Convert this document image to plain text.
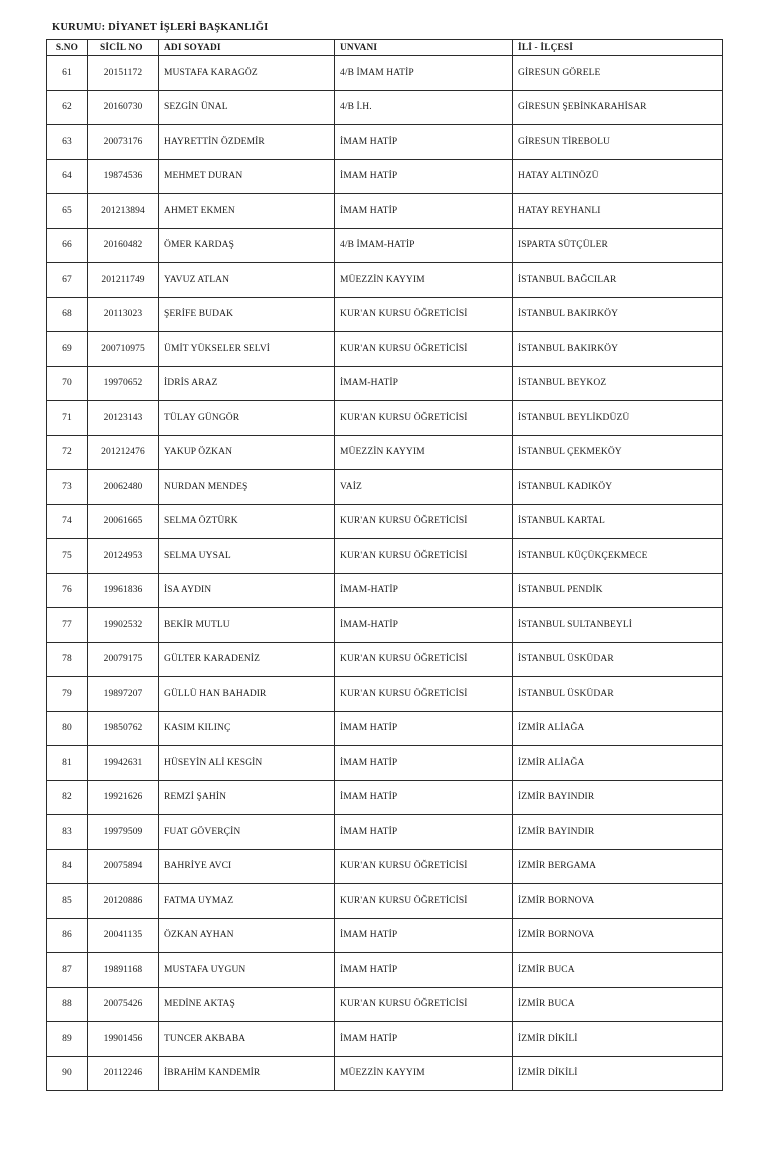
KURUMU: DİYANET İŞLERİ BAŞKANLIĞI
S.NO	SİCİL NO	ADI SOYADI	UNVANI	İLİ - İLÇESİ
61	20151172	MUSTAFA KARAGÖZ	4/B İMAM HATİP	GİRESUN GÖRELE
62	20160730	SEZGİN ÜNAL	4/B İ.H.	GİRESUN ŞEBİNKARAHİSAR
63	20073176	HAYRETTİN ÖZDEMİR	İMAM HATİP	GİRESUN TİREBOLU
64	19874536	MEHMET DURAN	İMAM HATİP	HATAY ALTINÖZÜ
65	201213894	AHMET EKMEN	İMAM HATİP	HATAY REYHANLI
66	20160482	ÖMER KARDAŞ	4/B İMAM-HATİP	ISPARTA SÜTÇÜLER
67	201211749	YAVUZ ATLAN	MÜEZZİN KAYYIM	İSTANBUL BAĞCILAR
68	20113023	ŞERİFE BUDAK	KUR'AN KURSU ÖĞRETİCİSİ	İSTANBUL BAKIRKÖY
69	200710975	ÜMİT YÜKSELER SELVİ	KUR'AN KURSU ÖĞRETİCİSİ	İSTANBUL BAKIRKÖY
70	19970652	İDRİS ARAZ	İMAM-HATİP	İSTANBUL BEYKOZ
71	20123143	TÜLAY GÜNGÖR	KUR'AN KURSU ÖĞRETİCİSİ	İSTANBUL BEYLİKDÜZÜ
72	201212476	YAKUP ÖZKAN	MÜEZZİN KAYYIM	İSTANBUL ÇEKMEKÖY
73	20062480	NURDAN MENDEŞ	VAİZ	İSTANBUL KADIKÖY
74	20061665	SELMA ÖZTÜRK	KUR'AN KURSU ÖĞRETİCİSİ	İSTANBUL KARTAL
75	20124953	SELMA UYSAL	KUR'AN KURSU ÖĞRETİCİSİ	İSTANBUL KÜÇÜKÇEKMECE
76	19961836	İSA AYDIN	İMAM-HATİP	İSTANBUL PENDİK
77	19902532	BEKİR MUTLU	İMAM-HATİP	İSTANBUL SULTANBEYLİ
78	20079175	GÜLTER KARADENİZ	KUR'AN KURSU ÖĞRETİCİSİ	İSTANBUL ÜSKÜDAR
79	19897207	GÜLLÜ HAN BAHADIR	KUR'AN KURSU ÖĞRETİCİSİ	İSTANBUL ÜSKÜDAR
80	19850762	KASIM KILINÇ	İMAM HATİP	İZMİR ALİAĞA
81	19942631	HÜSEYİN ALİ KESGİN	İMAM HATİP	İZMİR ALİAĞA
82	19921626	REMZİ ŞAHİN	İMAM HATİP	İZMİR BAYINDIR
83	19979509	FUAT GÖVERÇİN	İMAM HATİP	İZMİR BAYINDIR
84	20075894	BAHRİYE AVCI	KUR'AN KURSU ÖĞRETİCİSİ	İZMİR BERGAMA
85	20120886	FATMA UYMAZ	KUR'AN KURSU ÖĞRETİCİSİ	İZMİR BORNOVA
86	20041135	ÖZKAN AYHAN	İMAM HATİP	İZMİR BORNOVA
87	19891168	MUSTAFA UYGUN	İMAM HATİP	İZMİR BUCA
88	20075426	MEDİNE AKTAŞ	KUR'AN KURSU ÖĞRETİCİSİ	İZMİR BUCA
89	19901456	TUNCER AKBABA	İMAM HATİP	İZMİR DİKİLİ
90	20112246	İBRAHİM KANDEMİR	MÜEZZİN KAYYIM	İZMİR DİKİLİ
